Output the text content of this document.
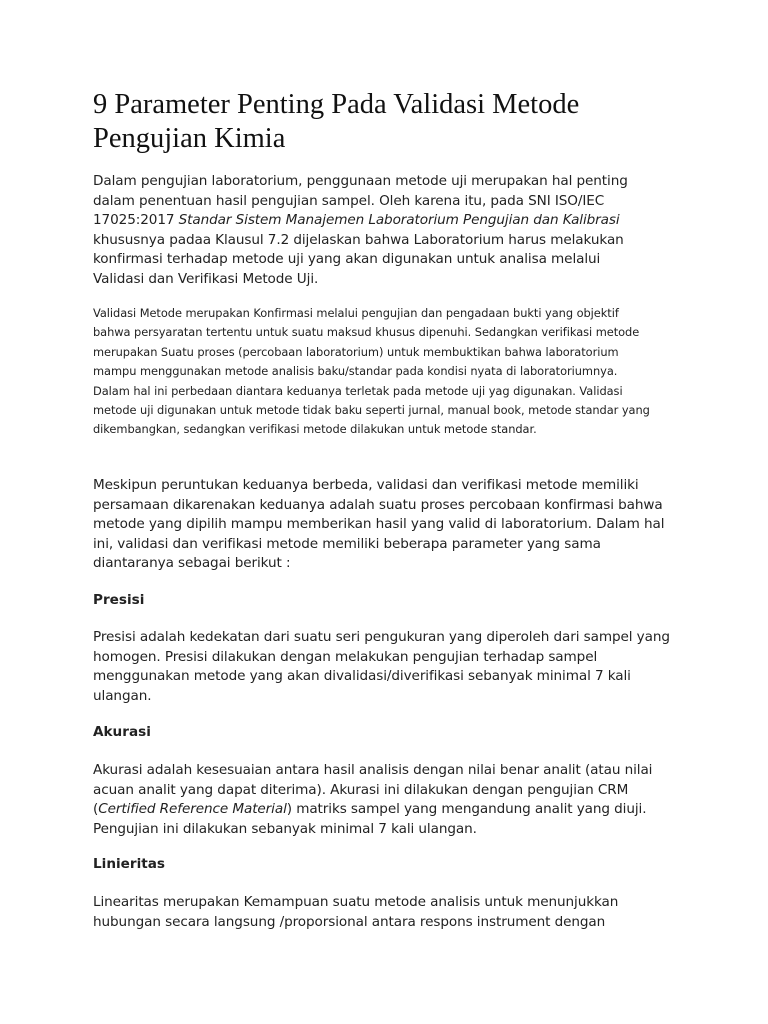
9 Parameter Penting Pada Validasi Metode Pengujian Kimia

Dalam pengujian laboratorium, penggunaan metode uji merupakan hal penting dalam penentuan hasil pengujian sampel. Oleh karena itu, pada SNI ISO/IEC 17025:2017 Standar Sistem Manajemen Laboratorium Pengujian dan Kalibrasi khususnya padaa Klausul 7.2 dijelaskan bahwa Laboratorium harus melakukan konfirmasi terhadap metode uji yang akan digunakan untuk analisa melalui Validasi dan Verifikasi Metode Uji.

Validasi Metode merupakan Konfirmasi melalui pengujian dan pengadaan bukti yang objektif bahwa persyaratan tertentu untuk suatu maksud khusus dipenuhi. Sedangkan verifikasi metode merupakan Suatu proses (percobaan laboratorium) untuk membuktikan bahwa laboratorium mampu menggunakan metode analisis baku/standar pada kondisi nyata di laboratoriumnya. Dalam hal ini perbedaan diantara keduanya terletak pada metode uji yag digunakan. Validasi metode uji digunakan untuk metode tidak baku seperti jurnal, manual book, metode standar yang dikembangkan, sedangkan verifikasi metode dilakukan untuk metode standar.

Meskipun peruntukan keduanya berbeda, validasi dan verifikasi metode memiliki persamaan dikarenakan keduanya adalah suatu proses percobaan konfirmasi bahwa metode yang dipilih mampu memberikan hasil yang valid di laboratorium. Dalam hal ini, validasi dan verifikasi metode memiliki beberapa parameter yang sama diantaranya sebagai berikut :

Presisi

Presisi adalah kedekatan dari suatu seri pengukuran yang diperoleh dari sampel yang homogen. Presisi dilakukan dengan melakukan pengujian terhadap sampel menggunakan metode yang akan divalidasi/diverifikasi sebanyak minimal 7 kali ulangan.

Akurasi

Akurasi adalah kesesuaian antara hasil analisis dengan nilai benar analit (atau nilai acuan analit yang dapat diterima). Akurasi ini dilakukan dengan pengujian CRM (Certified Reference Material) matriks sampel yang mengandung analit yang diuji. Pengujian ini dilakukan sebanyak minimal 7 kali ulangan.

Linieritas

Linearitas merupakan Kemampuan suatu metode analisis untuk menunjukkan hubungan secara langsung /proporsional antara respons instrument dengan
